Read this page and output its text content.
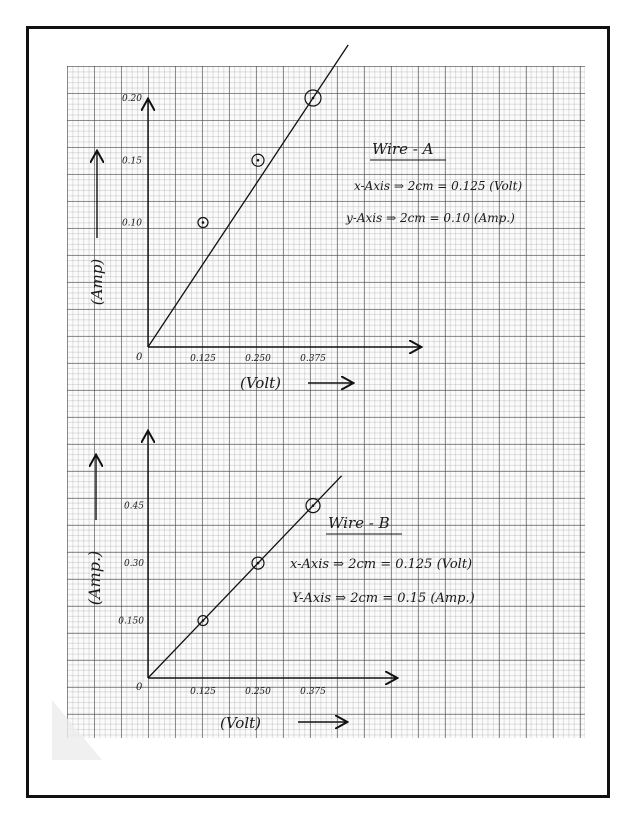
0	0.125	0.250	0.375
0.10
0.15
0.20
(Volt)
(Amp)
Wire - A
x-Axis ⇒ 2cm = 0.125 (Volt)
y-Axis ⇒ 2cm = 0.10 (Amp.)
0	0.125	0.250	0.375
0.150
0.30
0.45
(Volt)
(Amp.)
Wire - B
x-Axis ⇒ 2cm = 0.125 (Volt)
Y-Axis ⇒ 2cm = 0.15 (Amp.)
